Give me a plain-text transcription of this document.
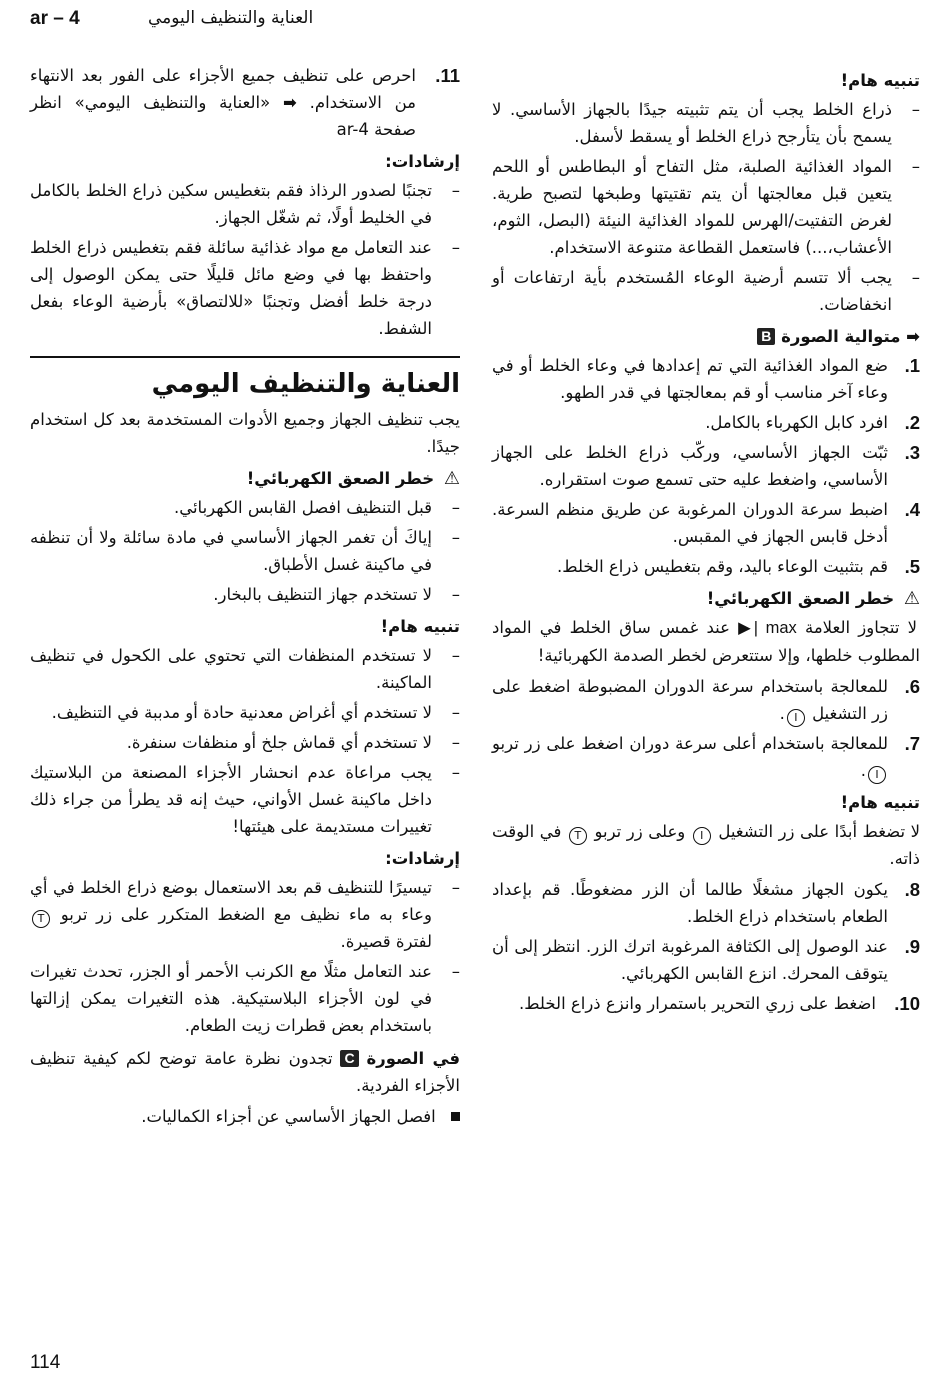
ar – 4	العناية والتنظيف اليومي
تنبيه هام!
– ذراع الخلط يجب أن يتم تثبيته جيدًا بالجهاز الأساسي. لا يسمح بأن يتأرجح ذراع الخلط أو يسقط لأسفل.
– المواد الغذائية الصلبة، مثل التفاح أو البطاطس أو اللحم يتعين قبل معالجتها أن يتم تقتيتها وطبخها لتصبح طرية. لغرض التفتيت/الهرس للمواد الغذائية النيئة (البصل، الثوم، الأعشاب،...) فاستعمل القطاعة متنوعة الاستخدام.
– يجب ألا تتسم أرضية الوعاء المُستخدم بأية ارتفاعات أو انخفاضات.
➡ متوالية الصورة B
1.
ضع المواد الغذائية التي تم إعدادها في وعاء الخلط أو في وعاء آخر مناسب أو قم بمعالجتها في قدر الطهو.
2.
افرد كابل الكهرباء بالكامل.
3.
ثبّت الجهاز الأساسي، وركّب ذراع الخلط على الجهاز الأساسي، واضغط عليه حتى تسمع صوت استقراره.
4.
اضبط سرعة الدوران المرغوبة عن طريق منظم السرعة. أدخل قابس الجهاز في المقبس.
5.
قم بتثبيت الوعاء باليد، وقم بتغطيس ذراع الخلط.
⚠ خطر الصعق الكهربائي!

لا تتجاوز العلامة ▶| max عند غمس ساق الخلط في المواد المطلوب خلطها، وإلا ستتعرض لخطر الصدمة الكهربائية!

6.
للمعالجة باستخدام سرعة الدوران المضبوطة اضغط على زر التشغيل I.
7.
للمعالجة باستخدام أعلى سرعة دوران اضغط على زر تربو I.
تنبيه هام!

لا تضغط أبدًا على زر التشغيل I وعلى زر تربو T في الوقت ذاته.

8.
يكون الجهاز مشغلًا طالما أن الزر مضغوطًا. قم بإعداد الطعام باستخدام ذراع الخلط.
9.
عند الوصول إلى الكثافة المرغوبة اترك الزر. انتظر إلى أن يتوقف المحرك. انزع القابس الكهربائي.
10.
اضغط على زري التحرير باستمرار وانزع ذراع الخلط.
11.
احرص على تنظيف جميع الأجزاء على الفور بعد الانتهاء من الاستخدام. ➡ «العناية والتنظيف اليومي» انظر صفحة ar-4
إرشادات:
– تجنبًا لصدور الرذاذ فقم بتغطيس سكين ذراع الخلط بالكامل في الخليط أولًا، ثم شغّل الجهاز.
– عند التعامل مع مواد غذائية سائلة فقم بتغطيس ذراع الخلط واحتفظ بها في وضع مائل قليلًا حتى يمكن الوصول إلى درجة خلط أفضل وتجنبًا «للالتصاق» بأرضية الوعاء بفعل الشفط.
العناية والتنظيف اليومي

يجب تنظيف الجهاز وجميع الأدوات المستخدمة بعد كل استخدام جيدًا.

⚠ خطر الصعق الكهربائي!
– قبل التنظيف افصل القابس الكهربائي.
– إياكَ أن تغمر الجهاز الأساسي في مادة سائلة ولا أن تنظفه في ماكينة غسل الأطباق.
– لا تستخدم جهاز التنظيف بالبخار.
تنبيه هام!
– لا تستخدم المنظفات التي تحتوي على الكحول في تنظيف الماكينة.
– لا تستخدم أي أغراض معدنية حادة أو مدببة في التنظيف.
– لا تستخدم أي قماش جلخ أو منظفات سنفرة.
– يجب مراعاة عدم انحشار الأجزاء المصنعة من البلاستيك داخل ماكينة غسل الأواني، حيث إنه قد يطرأ من جراء ذلك تغييرات مستديمة على هيئتها!
إرشادات:
– تيسيرًا للتنظيف قم بعد الاستعمال بوضع ذراع الخلط في أي وعاء به ماء نظيف مع الضغط المتكرر على زر تربو T لفترة قصيرة.
– عند التعامل مثلًا مع الكرنب الأحمر أو الجزر، تحدث تغيرات في لون الأجزاء البلاستيكية. هذه التغيرات يمكن إزالتها باستخدام بعض قطرات زيت الطعام.

في الصورة C تجدون نظرة عامة توضح لكم كيفية تنظيف الأجزاء الفردية.

افصل الجهاز الأساسي عن أجزاء الكماليات.

114
